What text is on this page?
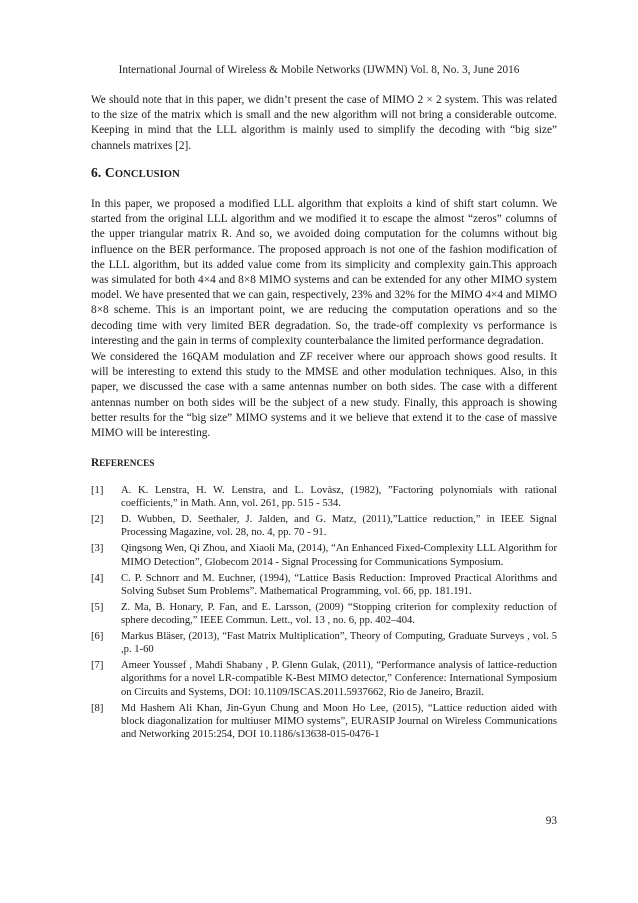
International Journal of Wireless & Mobile Networks (IJWMN) Vol. 8, No. 3, June 2016

We should note that in this paper, we didn’t present the case of MIMO 2 × 2 system. This was related to the size of the matrix which is small and the new algorithm will not bring a considerable outcome. Keeping in mind that the LLL algorithm is mainly used to simplify the decoding with “big size” channels matrixes [2].

6. CONCLUSION

In this paper, we proposed a modified LLL algorithm that exploits a kind of shift start column. We started from the original LLL algorithm and we modified it to escape the almost “zeros” columns of the upper triangular matrix R. And so, we avoided doing computation for the columns without big influence on the BER performance. The proposed approach is not one of the fashion modification of the LLL algorithm, but its added value come from its simplicity and complexity gain.This approach was simulated for both 4×4 and 8×8 MIMO systems and can be extended for any other MIMO system model. We have presented that we can gain, respectively, 23% and 32% for the MIMO 4×4 and MIMO 8×8 scheme. This is an important point, we are reducing the computation operations and so the decoding time with very limited BER degradation. So, the trade-off complexity vs performance is interesting and the gain in terms of complexity counterbalance the limited performance degradation.

We considered the 16QAM modulation and ZF receiver where our approach shows good results. It will be interesting to extend this study to the MMSE and other modulation techniques. Also, in this paper, we discussed the case with a same antennas number on both sides. The case with a different antennas number on both sides will be the subject of a new study. Finally, this approach is showing better results for the “big size” MIMO systems and it we believe that extend it to the case of massive MIMO will be interesting.

REFERENCES
[1] A. K. Lenstra, H. W. Lenstra, and L. Lovàsz, (1982), ”Factoring polynomials with rational coefficients,” in Math. Ann, vol. 261, pp. 515 - 534.
[2] D. Wubben, D. Seethaler, J. Jalden, and G. Matz, (2011),”Lattice reduction,” in IEEE Signal Processing Magazine, vol. 28, no. 4, pp. 70 - 91.
[3] Qingsong Wen, Qi Zhou, and Xiaoli Ma, (2014), “An Enhanced Fixed-Complexity LLL Algorithm for MIMO Detection”, Globecom 2014 - Signal Processing for Communications Symposium.
[4] C. P. Schnorr and M. Euchner, (1994), “Lattice Basis Reduction: Improved Practical Alorithms and Solving Subset Sum Problems”. Mathematical Programming, vol. 66, pp. 181.191.
[5] Z. Ma, B. Honary, P. Fan, and E. Larsson, (2009) “Stopping criterion for complexity reduction of sphere decoding,” IEEE Commun. Lett., vol. 13 , no. 6, pp. 402–404.
[6] Markus Bläser, (2013), “Fast Matrix Multiplication”, Theory of Computing, Graduate Surveys , vol. 5 ,p. 1-60
[7] Ameer Youssef , Mahdi Shabany , P. Glenn Gulak, (2011), “Performance analysis of lattice-reduction algorithms for a novel LR-compatible K-Best MIMO detector,” Conference: International Symposium on Circuits and Systems, DOI: 10.1109/ISCAS.2011.5937662, Rio de Janeiro, Brazil.
[8] Md Hashem Ali Khan, Jin-Gyun Chung and Moon Ho Lee, (2015), “Lattice reduction aided with block diagonalization for multiuser MIMO systems”, EURASIP Journal on Wireless Communications and Networking 2015:254, DOI 10.1186/s13638-015-0476-1
93
